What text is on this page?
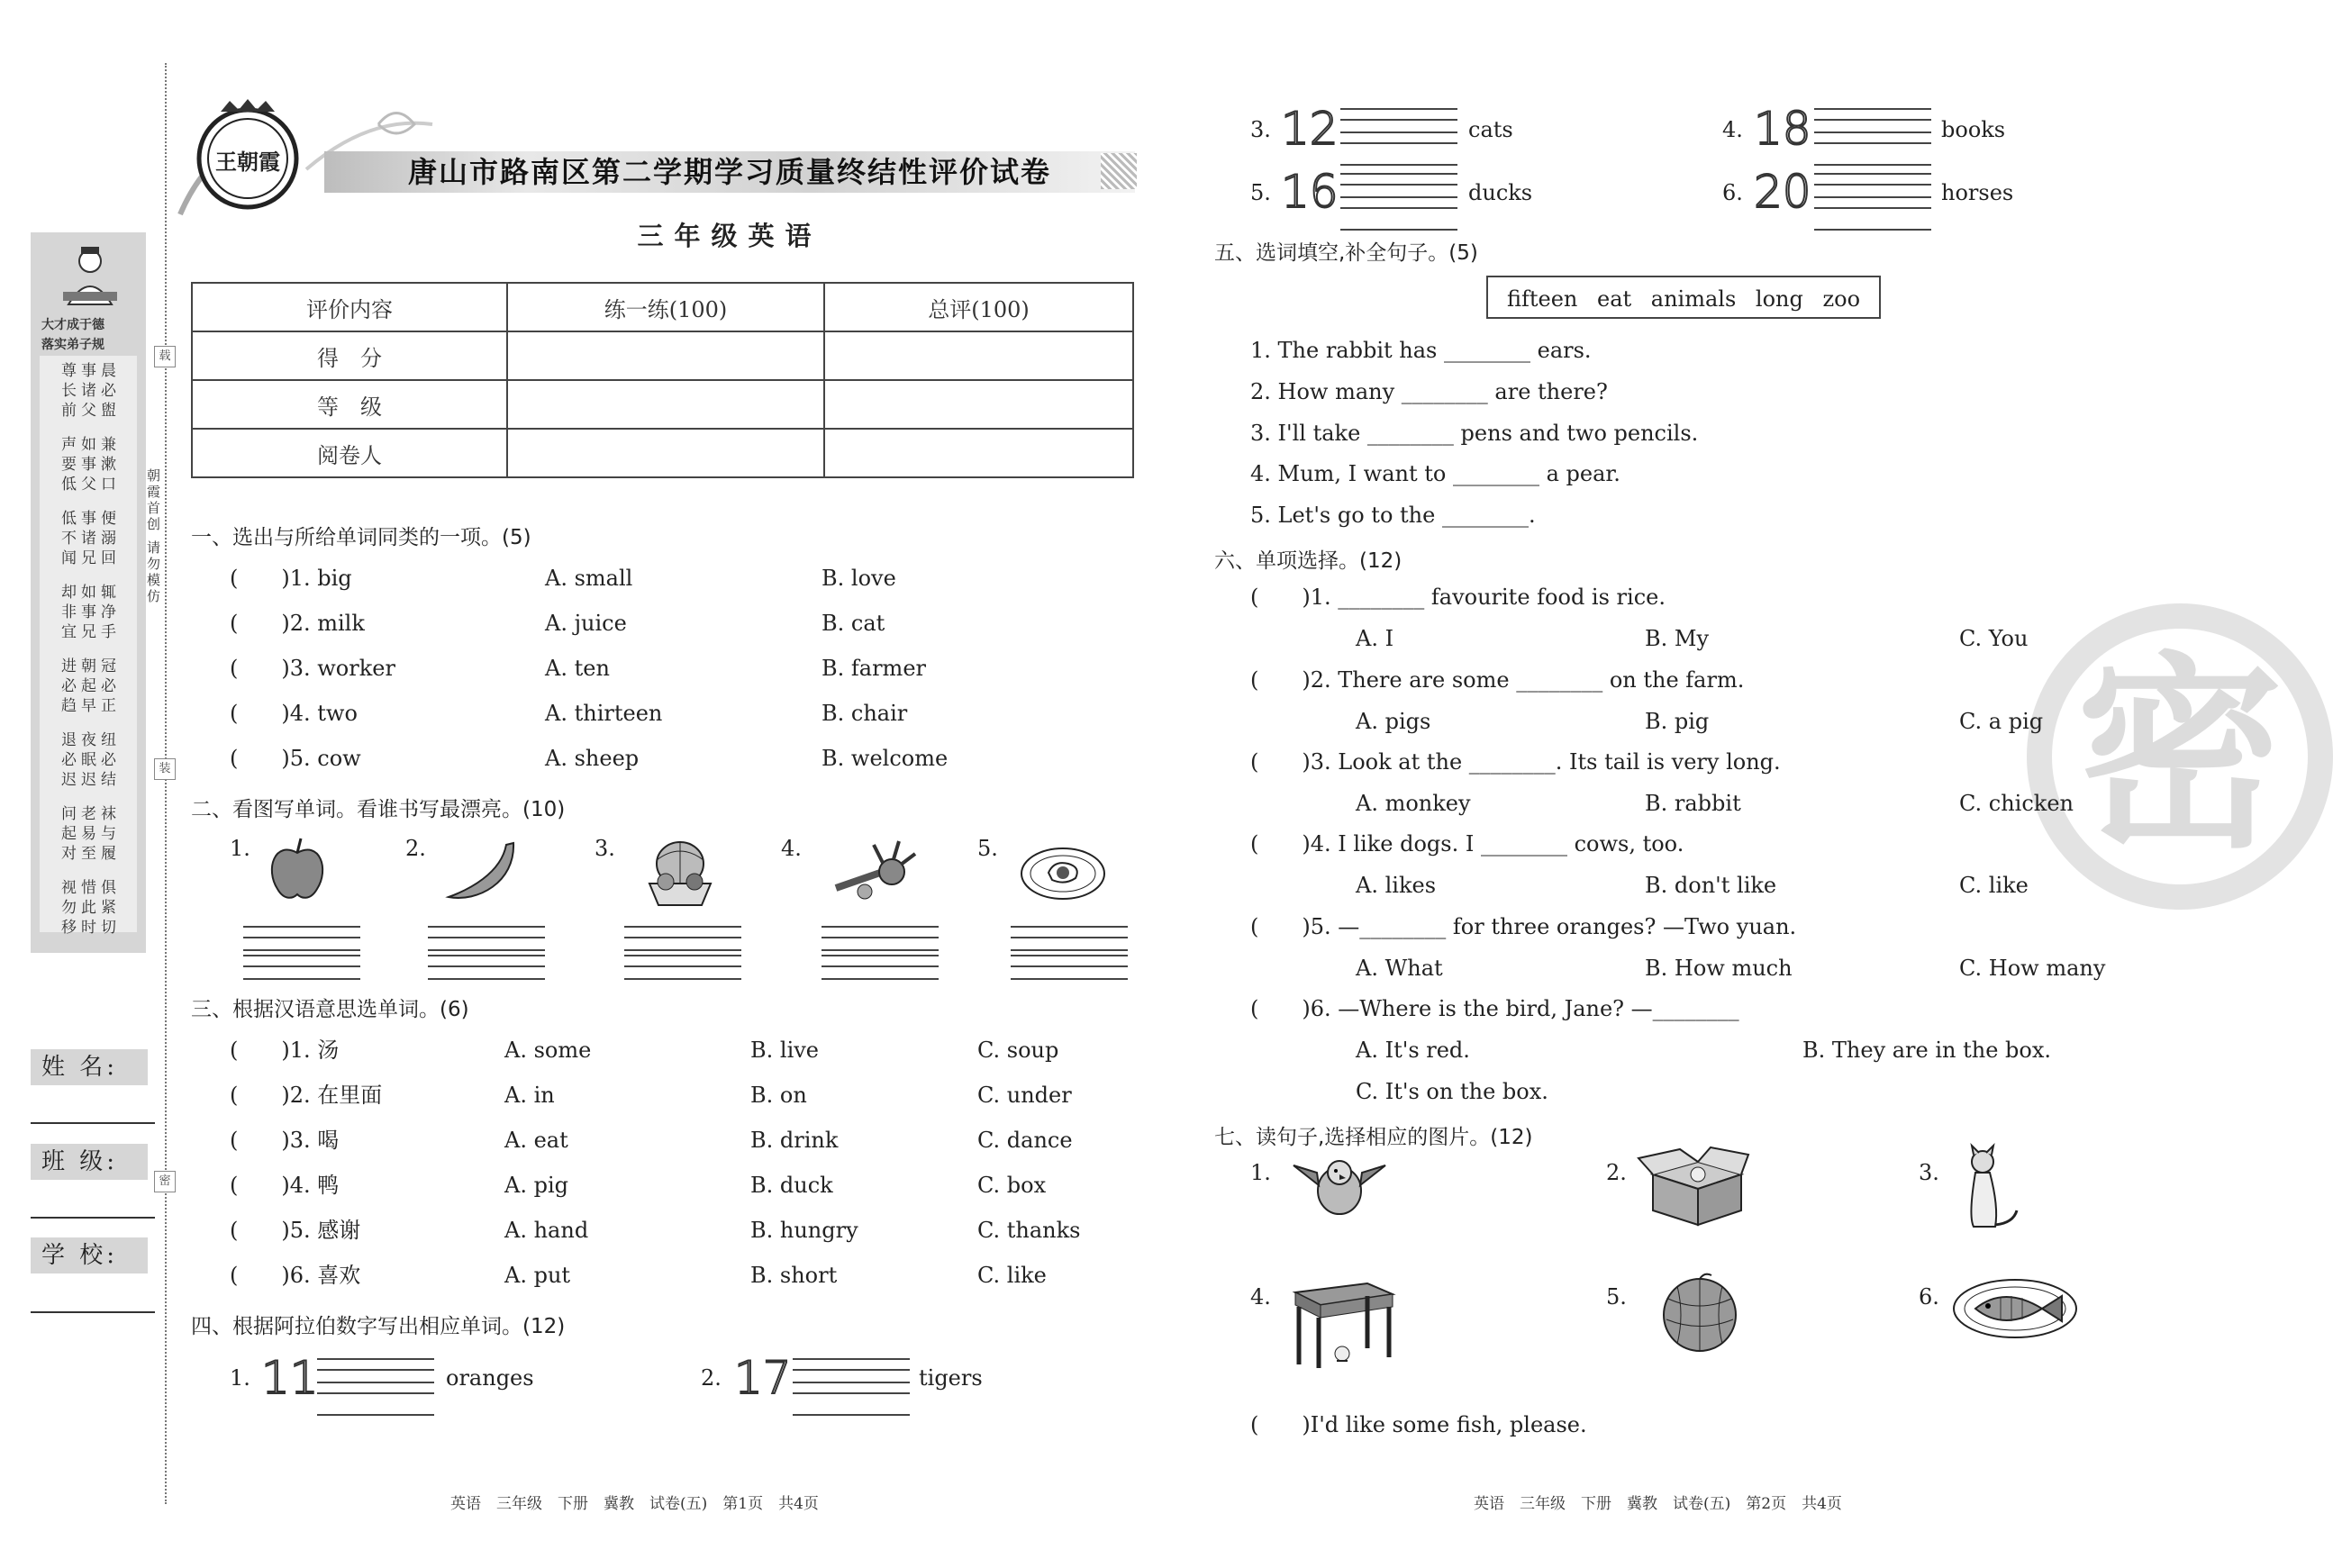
大才成于德
落实弟子规
晨必盥
事诸父
尊长前
兼漱口
如事父
声要低
便溺回
事诸兄
低不闻
辄净手
如事兄
却非宜
冠必正
朝起早
进必趋
纽必结
夜眠迟
退必迟
袜与履
老易至
问起对
俱紧切
惜此时
视勿移
载
朝霞首创 请勿模仿
装
密
姓 名:
班 级:
学 校:
王朝霞	唐山市路南区第二学期学习质量终结性评价试卷
三年级英语
评价内容	练一练(100)	总评(100)
得　分		
等　级		
阅卷人		
一、选出与所给单词同类的一项。(5)
(　　)1. big	A. small	B. love
(　　)2. milk	A. juice	B. cat
(　　)3. worker	A. ten	B. farmer
(　　)4. two	A. thirteen	B. chair
(　　)5. cow	A. sheep	B. welcome
二、看图写单词。看谁书写最漂亮。(10)
1.	2.	3.	4.	5.
三、根据汉语意思选单词。(6)
(　　)1. 汤	A. some	B. live	C. soup
(　　)2. 在里面	A. in	B. on	C. under
(　　)3. 喝	A. eat	B. drink	C. dance
(　　)4. 鸭	A. pig	B. duck	C. box
(　　)5. 感谢	A. hand	B. hungry	C. thanks
(　　)6. 喜欢	A. put	B. short	C. like
四、根据阿拉伯数字写出相应单词。(12)
1. 11	oranges	2. 17	tigers
3. 12	cats	4. 18	books
5. 16	ducks	6. 20	horses
密
五、选词填空,补全句子。(5)
fifteen eat animals long zoo
1. The rabbit has ________ ears.
2. How many ________ are there?
3. I'll take ________ pens and two pencils.
4. Mum, I want to ________ a pear.
5. Let's go to the ________.
六、单项选择。(12)
(　　)1. ________ favourite food is rice.
A. I	B. My	C. You
(　　)2. There are some ________ on the farm.
A. pigs	B. pig	C. a pig
(　　)3. Look at the ________. Its tail is very long.
A. monkey	B. rabbit	C. chicken
(　　)4. I like dogs. I ________ cows, too.
A. likes	B. don't like	C. like
(　　)5. —________ for three oranges? —Two yuan.
A. What	B. How much	C. How many
(　　)6. —Where is the bird, Jane? —________
A. It's red.	B. They are in the box.
C. It's on the box.
七、读句子,选择相应的图片。(12)
1.	2.	3.
4.	5.	6.
(　　)I'd like some fish, please.
英语　三年级　下册　冀教　试卷(五)　第1页　共4页	英语　三年级　下册　冀教　试卷(五)　第2页　共4页
